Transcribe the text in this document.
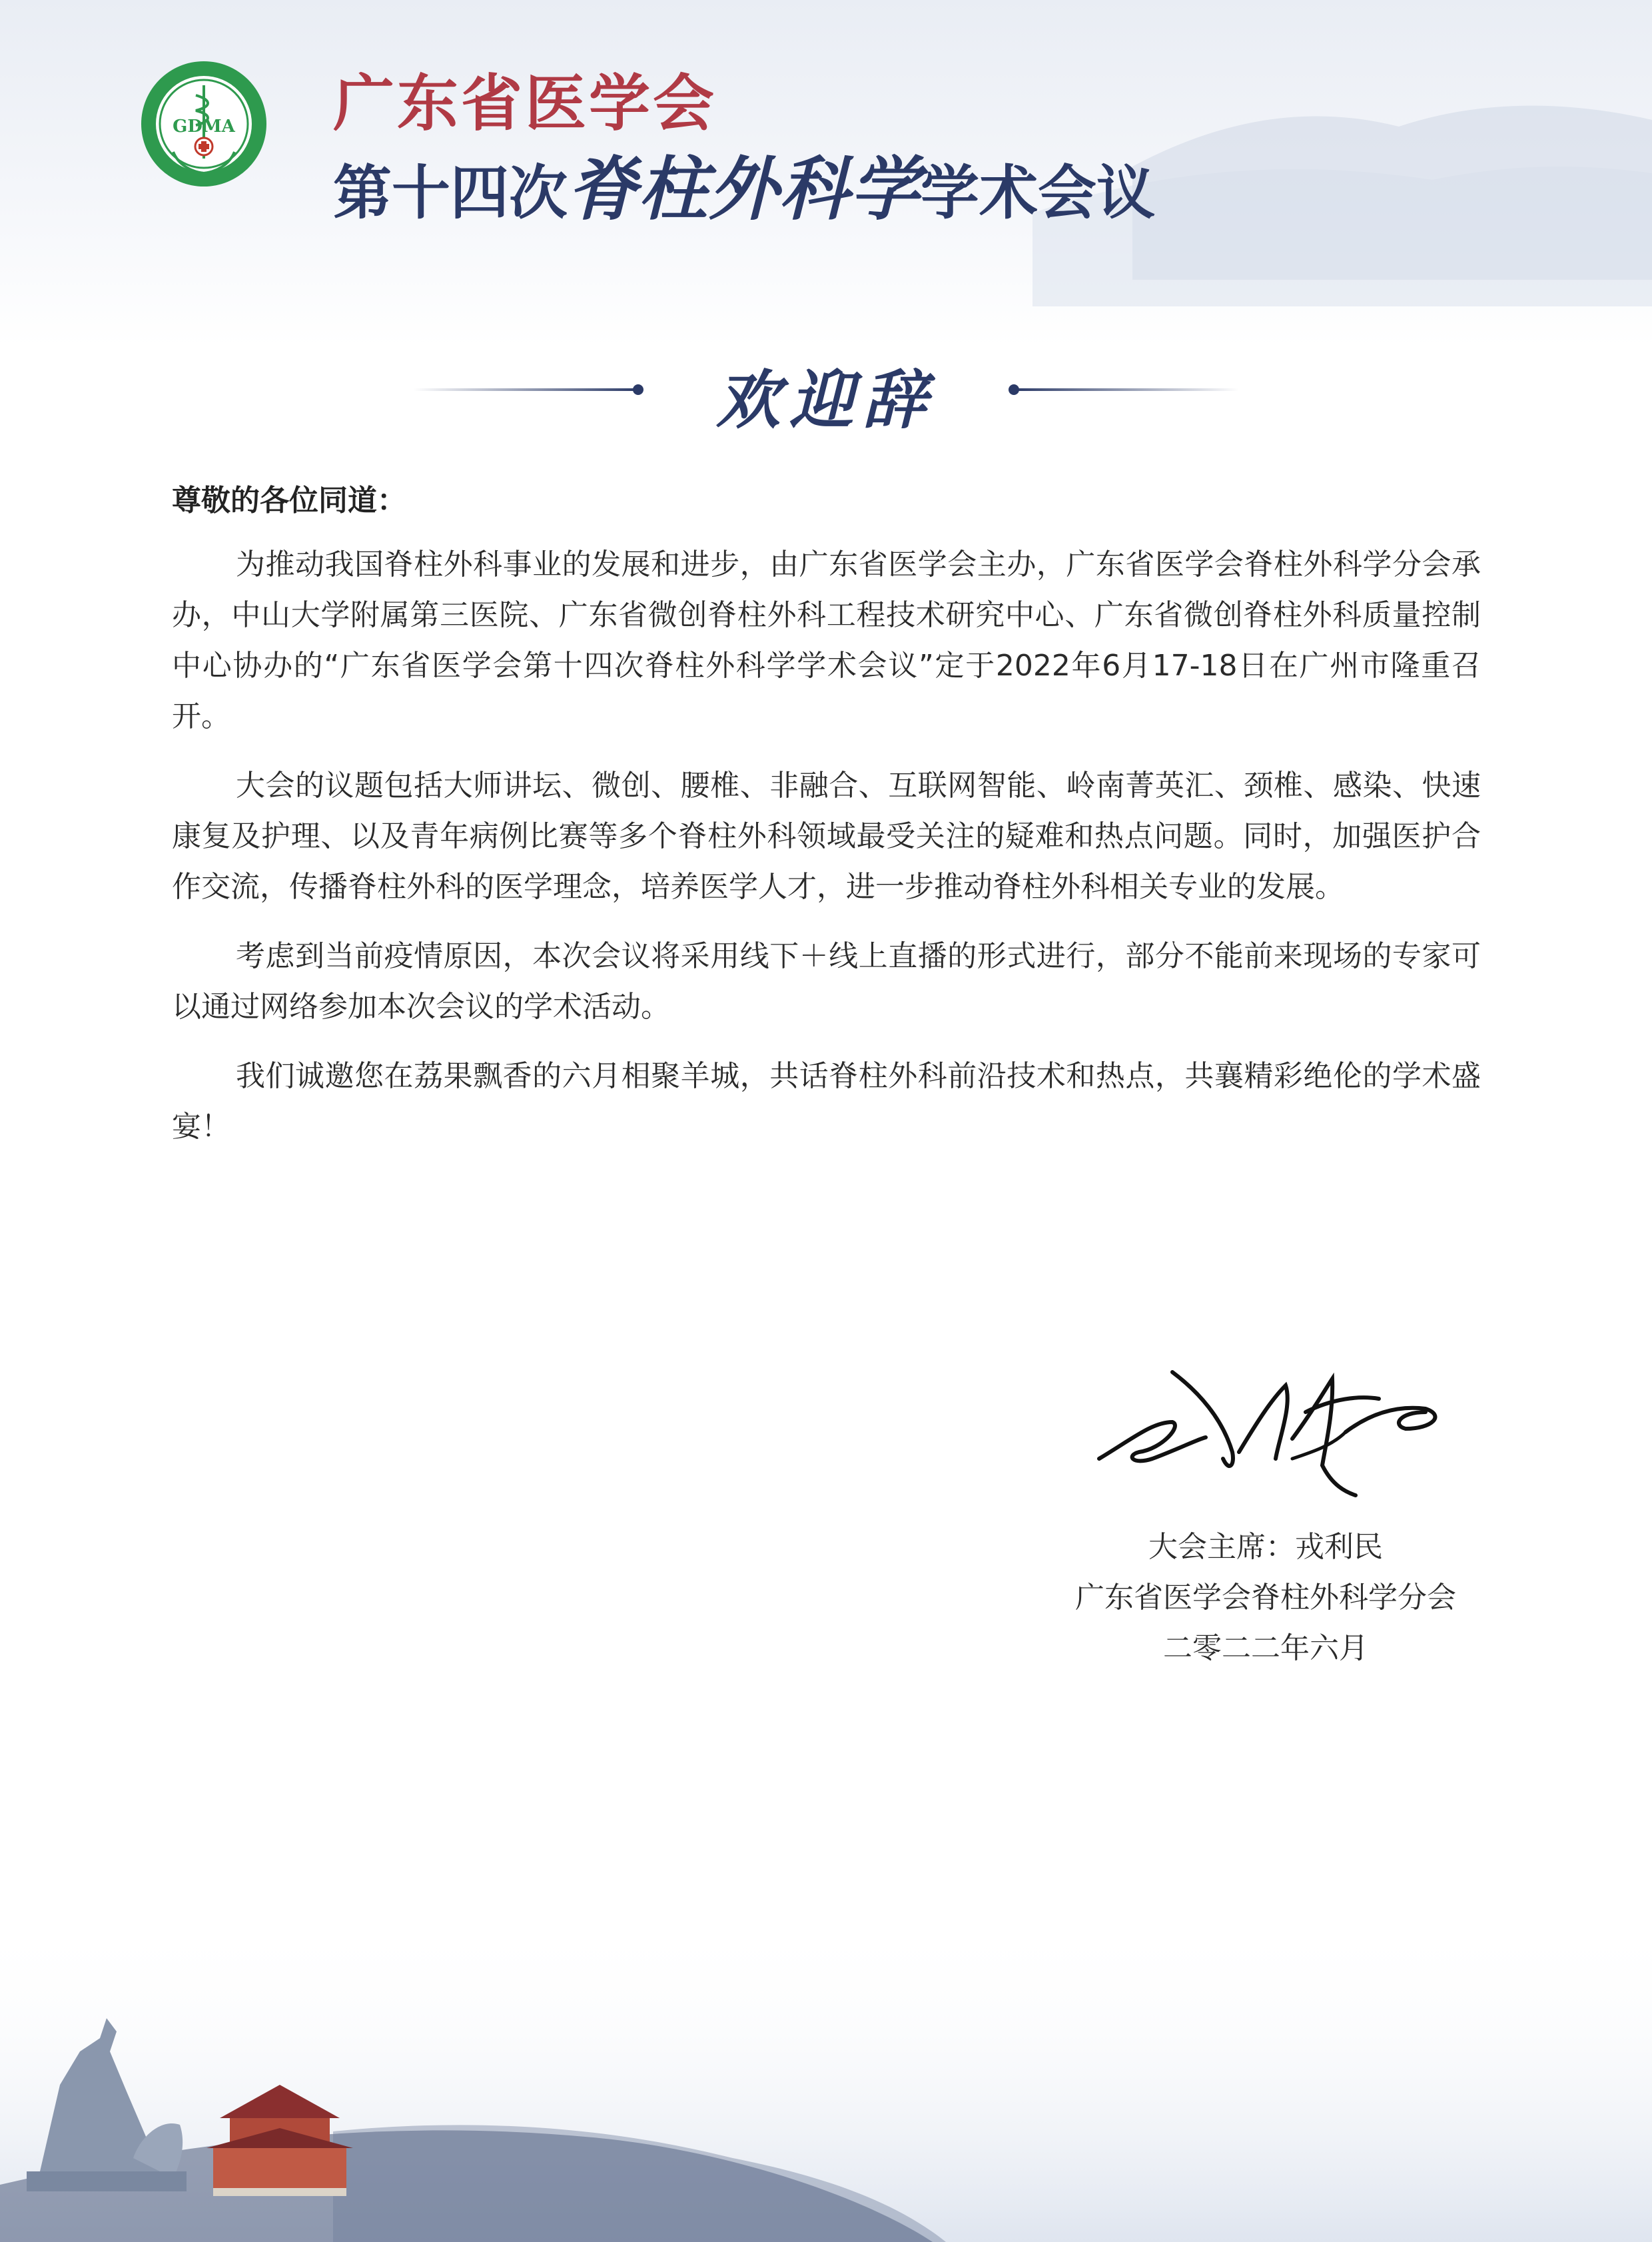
GDMA 广东省医学会
第十四次脊柱外科学学术会议
欢迎辞
尊敬的各位同道：

为推动我国脊柱外科事业的发展和进步，由广东省医学会主办，广东省医学会脊柱外科学分会承办，中山大学附属第三医院、广东省微创脊柱外科工程技术研究中心、广东省微创脊柱外科质量控制中心协办的“广东省医学会第十四次脊柱外科学学术会议”定于2022年6月17-18日在广州市隆重召开。

大会的议题包括大师讲坛、微创、腰椎、非融合、互联网智能、岭南菁英汇、颈椎、感染、快速康复及护理、以及青年病例比赛等多个脊柱外科领域最受关注的疑难和热点问题。同时，加强医护合作交流，传播脊柱外科的医学理念，培养医学人才，进一步推动脊柱外科相关专业的发展。

考虑到当前疫情原因，本次会议将采用线下＋线上直播的形式进行，部分不能前来现场的专家可以通过网络参加本次会议的学术活动。

我们诚邀您在荔果飘香的六月相聚羊城，共话脊柱外科前沿技术和热点，共襄精彩绝伦的学术盛宴！

大会主席：戎利民
广东省医学会脊柱外科学分会
二零二二年六月
